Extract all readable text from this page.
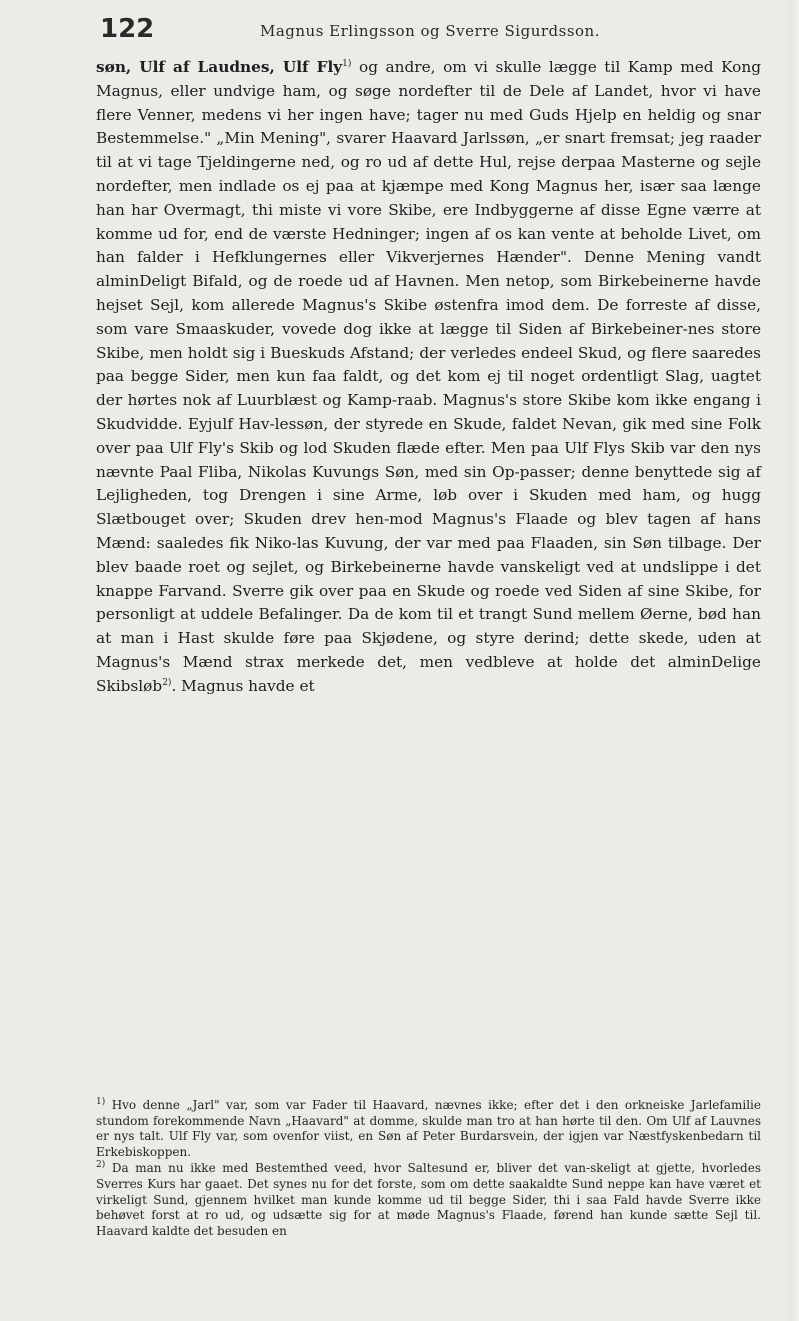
122	Magnus Erlingsson og Sverre Sigurdsson.

søn, Ulf af Laudnes, Ulf Fly$^{1)}$ og andre, om vi skulle lægge til Kamp med Kong Magnus, eller undvige ham, og søge nordefter til de Dele af Landet, hvor vi have flere Venner, medens vi her ingen have; tager nu med Guds Hjelp en heldig og snar Bestemmelse." „Min Mening", svarer Haavard Jarlssøn, „er snart fremsat; jeg raader til at vi tage Tjeldingerne ned, og ro ud af dette Hul, rejse derpaa Masterne og sejle nordefter, men indlade os ej paa at kjæmpe med Kong Magnus her, især saa længe han har Overmagt, thi miste vi vore Skibe, ere Indbyggerne af disse Egne værre at komme ud for, end de værste Hedninger; ingen af os kan vente at beholde Livet, om han falder i Hefklungernes eller Vikverjernes Hænder". Denne Mening vandt alminDeligt Bifald, og de roede ud af Havnen. Men netop, som Birkebeinerne havde hejset Sejl, kom allerede Magnus's Skibe østenfra imod dem. De forreste af disse, som vare Smaaskuder, vovede dog ikke at lægge til Siden af Birkebeiner-nes store Skibe, men holdt sig i Bueskuds Afstand; der verledes endeel Skud, og flere saaredes paa begge Sider, men kun faa faldt, og det kom ej til noget ordentligt Slag, uagtet der hørtes nok af Luurblæst og Kamp-raab. Magnus's store Skibe kom ikke engang i Skudvidde. Eyjulf Hav-lessøn, der styrede en Skude, faldet Nevan, gik med sine Folk over paa Ulf Fly's Skib og lod Skuden flæde efter. Men paa Ulf Flys Skib var den nys nævnte Paal Fliba, Nikolas Kuvungs Søn, med sin Op-passer; denne benyttede sig af Lejligheden, tog Drengen i sine Arme, løb over i Skuden med ham, og hugg Slætbouget over; Skuden drev hen-mod Magnus's Flaade og blev tagen af hans Mænd: saaledes fik Niko-las Kuvung, der var med paa Flaaden, sin Søn tilbage. Der blev baade roet og sejlet, og Birkebeinerne havde vanskeligt ved at undslippe i det knappe Farvand. Sverre gik over paa en Skude og roede ved Siden af sine Skibe, for personligt at uddele Befalinger. Da de kom til et trangt Sund mellem Øerne, bød han at man i Hast skulde føre paa Skjødene, og styre derind; dette skede, uden at Magnus's Mænd strax merkede det, men vedbleve at holde det alminDelige Skibsløb$^{2)}$. Magnus havde et

$^{1)}$ Hvo denne „Jarl" var, som var Fader til Haavard, nævnes ikke; efter det i den orkneiske Jarlefamilie stundom forekommende Navn „Haavard" at domme, skulde man tro at han hørte til den. Om Ulf af Lauvnes er nys talt. Ulf Fly var, som ovenfor viist, en Søn af Peter Burdarsvein, der igjen var Næstfyskenbedarn til Erkebiskoppen.

$^{2)}$ Da man nu ikke med Bestemthed veed, hvor Saltesund er, bliver det van-skeligt at gjette, hvorledes Sverres Kurs har gaaet. Det synes nu for det forste, som om dette saakaldte Sund neppe kan have været et virkeligt Sund, gjennem hvilket man kunde komme ud til begge Sider, thi i saa Fald havde Sverre ikke behøvet forst at ro ud, og udsætte sig for at møde Magnus's Flaade, førend han kunde sætte Sejl til. Haavard kaldte det besuden en
